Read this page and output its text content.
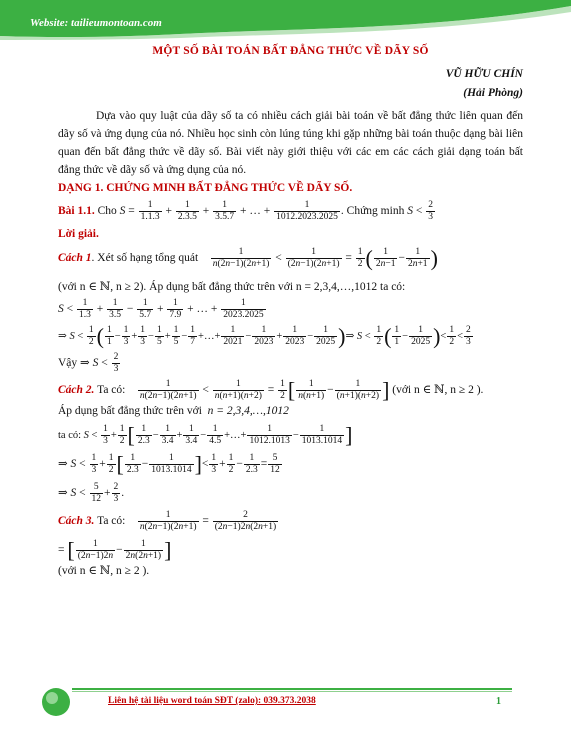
Website: tailieumontoan.com
MỘT SỐ BÀI TOÁN BẤT ĐẲNG THỨC VỀ DÃY SỐ
VŨ HỮU CHÍN
(Hải Phòng)
Dựa vào quy luật của dãy số ta có nhiều cách giải bài toán về bất đẳng thức liên quan đến dãy số và ứng dụng của nó. Nhiều học sinh còn lúng túng khi gặp những bài toán thuộc dạng bài liên quan đến bất đẳng thức về dãy số. Bài viết này giới thiệu với các em các cách giải dạng toán bất đẳng thức về dãy số và ứng dụng của nó.
DẠNG 1. CHỨNG MINH BẤT ĐẲNG THỨC VỀ DÃY SỐ.
Bài 1.1. Cho $S = \frac{1}{1.1.3} + \frac{1}{2.3.5} + \frac{1}{3.5.7}$ + … + $\frac{1}{1012.2023.2025}$ . Chứng minh $S < \frac{2}{3}$
Lời giải.
Cách 1. Xét số hạng tổng quát $\frac{1}{n(2n-1)(2n+1)} < \frac{1}{(2n-1)(2n+1)} = \frac{1}{2}$ ( $\frac{1}{2n-1} - \frac{1}{2n+1}$ )
(với n ∈ ℕ, n ≥ 2). Áp dụng bất đẳng thức trên với n = 2,3,4,…,1012 ta có:
$S < \frac{1}{1.3} + \frac{1}{3.5} - \frac{1}{5.7} + \frac{1}{7.9}$ + … + $\frac{1}{2023.2025}$
⇒ $S < \frac{1}{2}$ ( $\frac{1}{1} - \frac{1}{3} + \frac{1}{3} - \frac{1}{5} + \frac{1}{5} - \frac{1}{7}$ +…+ $\frac{1}{2021} - \frac{1}{2023} + \frac{1}{2023} - \frac{1}{2025}$ )⇒ $S < \frac{1}{2}$ ( $\frac{1}{1} - \frac{1}{2025}$ )< $\frac{1}{2} < \frac{2}{3}$
Vậy ⇒ $S < \frac{2}{3}$
Cách 2. Ta có: $\frac{1}{n(2n-1)(2n+1)} < \frac{1}{n(n+1)(n+2)} = \frac{1}{2}$ [ $\frac{1}{n(n+1)} - \frac{1}{(n+1)(n+2)}$ ] (với n ∈ ℕ, n ≥ 2 ).
Áp dụng bất đẳng thức trên với n = 2,3,4,…,1012
ta có: $S < \frac{1}{3} + \frac{1}{2}$ [ $\frac{1}{2.3} - \frac{1}{3.4} + \frac{1}{3.4} - \frac{1}{4.5}$ +…+ $\frac{1}{1012.1013} - \frac{1}{1013.1014}$ ]
⇒ $S < \frac{1}{3} + \frac{1}{2}$ [ $\frac{1}{2.3} - \frac{1}{1013.1014}$ ]< $\frac{1}{3} + \frac{1}{2} - \frac{1}{2.3} = \frac{5}{12}$
⇒ $S < \frac{5}{12} + \frac{2}{3}$ .
Cách 3. Ta có: $\frac{1}{n(2n-1)(2n+1)} = \frac{2}{(2n-1)2n(2n+1)}$
= [ $\frac{1}{(2n-1)2n} - \frac{1}{2n(2n+1)}$ ]
(với n ∈ ℕ, n ≥ 2 ).
Liên hệ tài liệu word toán SĐT (zalo): 039.373.2038	1
